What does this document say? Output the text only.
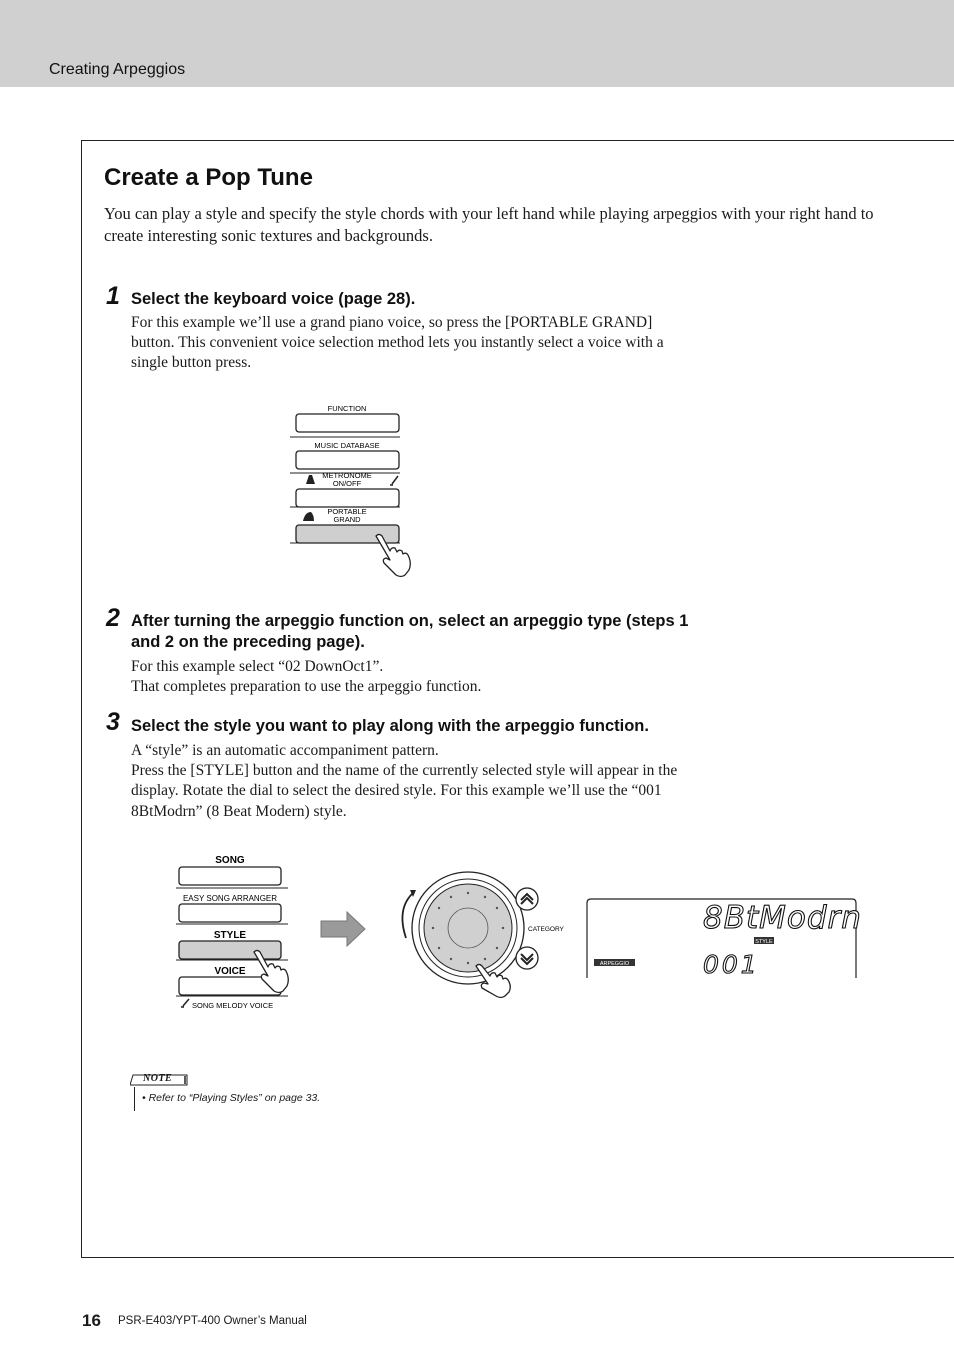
Creating Arpeggios
Create a Pop Tune

You can play a style and specify the style chords with your left hand while playing arpeggios with your right hand to create interesting sonic textures and backgrounds.

1 Select the keyboard voice (page 28).

For this example we’ll use a grand piano voice, so press the [PORTABLE GRAND]
button. This convenient voice selection method lets you instantly select a voice with a
single button press.
FUNCTION
MUSIC DATABASE
METRONOME
ON/OFF
PORTABLE
GRAND
2 After turning the arpeggio function on, select an arpeggio type (steps 1
and 2 on the preceding page).
For this example select “02 DownOct1”.
That completes preparation to use the arpeggio function.
3 Select the style you want to play along with the arpeggio function.

A “style” is an automatic accompaniment pattern.
Press the [STYLE] button and the name of the currently selected style will appear in the
display. Rotate the dial to select the desired style. For this example we’ll use the “001
8BtModrn” (8 Beat Modern) style.
SONG
EASY SONG ARRANGER
STYLE
VOICE
SONG MELODY VOICE
CATEGORY	8BtModrn
STYLE
001
ARPEGGIO
NOTE
• Refer to “Playing Styles” on page 33.
16 PSR-E403/YPT-400 Owner’s Manual
